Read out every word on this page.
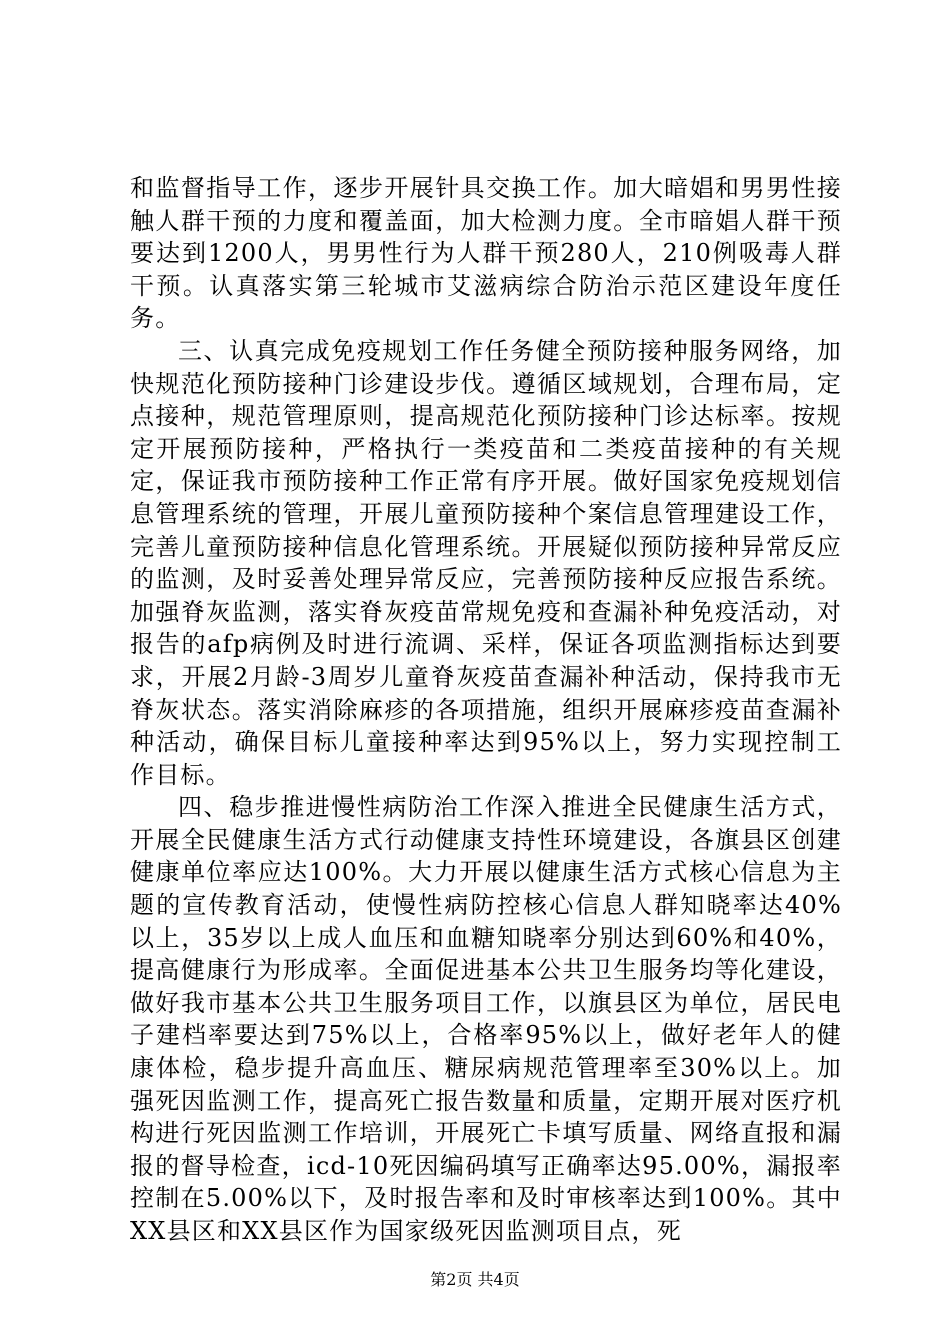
和监督指导工作，逐步开展针具交换工作。加大暗娼和男男性接触人群干预的力度和覆盖面，加大检测力度。全市暗娼人群干预要达到1200人，男男性行为人群干预280人，210例吸毒人群干预。认真落实第三轮城市艾滋病综合防治示范区建设年度任务。

三、认真完成免疫规划工作任务健全预防接种服务网络，加快规范化预防接种门诊建设步伐。遵循区域规划，合理布局，定点接种，规范管理原则，提高规范化预防接种门诊达标率。按规定开展预防接种，严格执行一类疫苗和二类疫苗接种的有关规定，保证我市预防接种工作正常有序开展。做好国家免疫规划信息管理系统的管理，开展儿童预防接种个案信息管理建设工作，完善儿童预防接种信息化管理系统。开展疑似预防接种异常反应的监测，及时妥善处理异常反应，完善预防接种反应报告系统。加强脊灰监测，落实脊灰疫苗常规免疫和查漏补种免疫活动，对报告的afp病例及时进行流调、采样，保证各项监测指标达到要求，开展2月龄-3周岁儿童脊灰疫苗查漏补种活动，保持我市无脊灰状态。落实消除麻疹的各项措施，组织开展麻疹疫苗查漏补种活动，确保目标儿童接种率达到95%以上，努力实现控制工作目标。

四、稳步推进慢性病防治工作深入推进全民健康生活方式，开展全民健康生活方式行动健康支持性环境建设，各旗县区创建健康单位率应达100%。大力开展以健康生活方式核心信息为主题的宣传教育活动，使慢性病防控核心信息人群知晓率达40%以上，35岁以上成人血压和血糖知晓率分别达到60%和40%，提高健康行为形成率。全面促进基本公共卫生服务均等化建设，做好我市基本公共卫生服务项目工作，以旗县区为单位，居民电子建档率要达到75%以上，合格率95%以上，做好老年人的健康体检，稳步提升高血压、糖尿病规范管理率至30%以上。加强死因监测工作，提高死亡报告数量和质量，定期开展对医疗机构进行死因监测工作培训，开展死亡卡填写质量、网络直报和漏报的督导检查，icd-10死因编码填写正确率达95.00%，漏报率控制在5.00%以下，及时报告率和及时审核率达到100%。其中XX县区和XX县区作为国家级死因监测项目点，死

第2页 共4页
